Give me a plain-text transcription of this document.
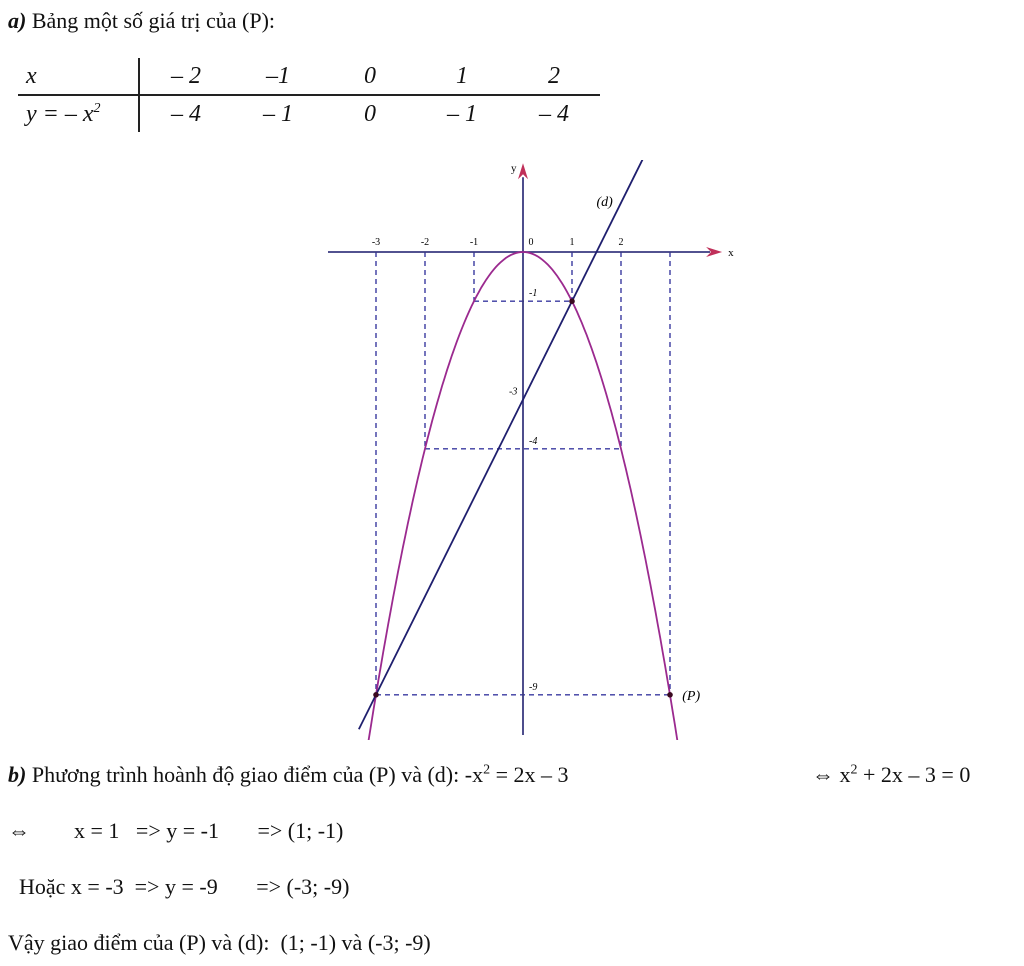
a) Bảng một số giá trị của (P):
x	– 2	–1	0	1	2
y = – $x^2$	– 4	– 1	0	– 1	– 4
x
y
-3	-2	-1	0	1	2
-1
-3
-4
-9
(P)
(d)
b) Phương trình hoành độ giao điểm của (P) và (d): $-x^2 = 2x - 3$	⇔ $x^2 + 2x - 3 = 0$
⇔        x = 1   => y = -1       => (1; -1)
Hoặc x = -3  => y = -9       => (-3; -9)
Vậy giao điểm của (P) và (d):  (1; -1) và (-3; -9)
